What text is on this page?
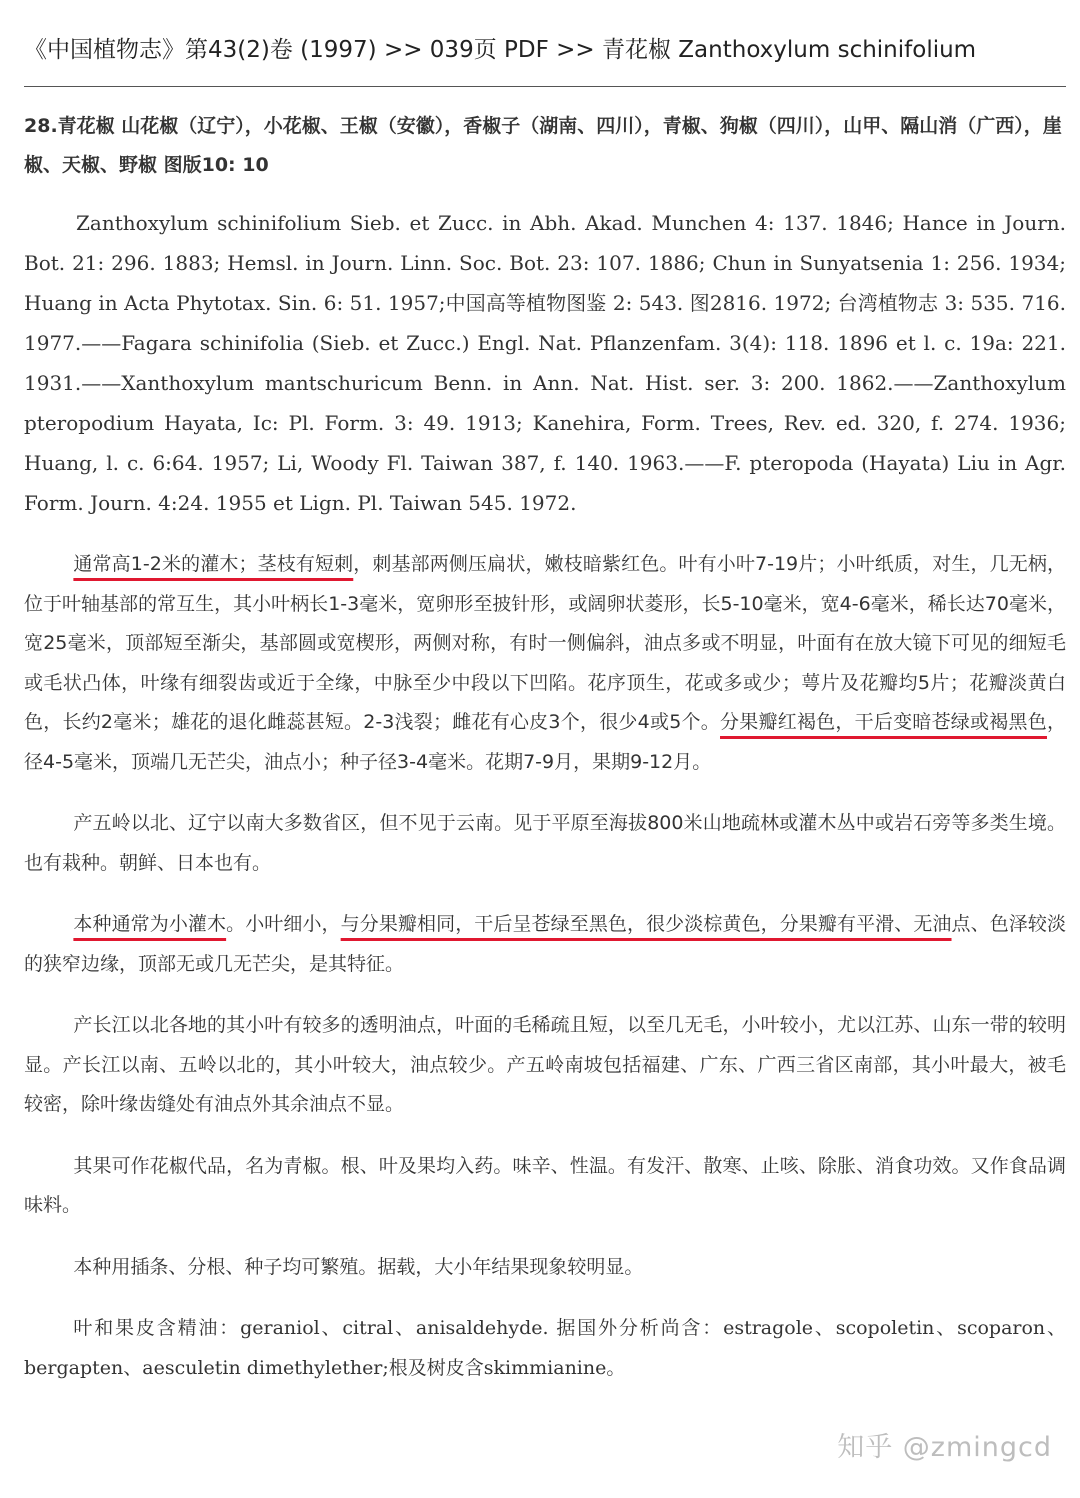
《中国植物志》第43(2)卷 (1997) >> 039页 PDF >> 青花椒 Zanthoxylum schinifolium

28.青花椒 山花椒（辽宁），小花椒、王椒（安徽），香椒子（湖南、四川），青椒、狗椒（四川），山甲、隔山消（广西），崖椒、天椒、野椒 图版10: 10

Zanthoxylum schinifolium Sieb. et Zucc. in Abh. Akad. Munchen 4: 137. 1846; Hance in Journ. Bot. 21: 296. 1883; Hemsl. in Journ. Linn. Soc. Bot. 23: 107. 1886; Chun in Sunyatsenia 1: 256. 1934; Huang in Acta Phytotax. Sin. 6: 51. 1957;中国高等植物图鉴 2: 543. 图2816. 1972; 台湾植物志 3: 535. 716. 1977.——Fagara schinifolia (Sieb. et Zucc.) Engl. Nat. Pflanzenfam. 3(4): 118. 1896 et l. c. 19a: 221. 1931.——Xanthoxylum mantschuricum Benn. in Ann. Nat. Hist. ser. 3: 200. 1862.——Zanthoxylum pteropodium Hayata, Ic: Pl. Form. 3: 49. 1913; Kanehira, Form. Trees, Rev. ed. 320, f. 274. 1936; Huang, l. c. 6:64. 1957; Li, Woody Fl. Taiwan 387, f. 140. 1963.——F. pteropoda (Hayata) Liu in Agr. Form. Journ. 4:24. 1955 et Lign. Pl. Taiwan 545. 1972.

通常高1-2米的灌木；茎枝有短刺，刺基部两侧压扁状，嫩枝暗紫红色。叶有小叶7-19片；小叶纸质，对生，几无柄，位于叶轴基部的常互生，其小叶柄长1-3毫米，宽卵形至披针形，或阔卵状菱形，长5-10毫米，宽4-6毫米，稀长达70毫米，宽25毫米，顶部短至渐尖，基部圆或宽楔形，两侧对称，有时一侧偏斜，油点多或不明显，叶面有在放大镜下可见的细短毛或毛状凸体，叶缘有细裂齿或近于全缘，中脉至少中段以下凹陷。花序顶生，花或多或少；萼片及花瓣均5片；花瓣淡黄白色，长约2毫米；雄花的退化雌蕊甚短。2-3浅裂；雌花有心皮3个，很少4或5个。分果瓣红褐色，干后变暗苍绿或褐黑色，径4-5毫米，顶端几无芒尖，油点小；种子径3-4毫米。花期7-9月，果期9-12月。

产五岭以北、辽宁以南大多数省区，但不见于云南。见于平原至海拔800米山地疏林或灌木丛中或岩石旁等多类生境。也有栽种。朝鲜、日本也有。

本种通常为小灌木。小叶细小，与分果瓣相同，干后呈苍绿至黑色，很少淡棕黄色，分果瓣有平滑、无油点、色泽较淡的狭窄边缘，顶部无或几无芒尖，是其特征。

产长江以北各地的其小叶有较多的透明油点，叶面的毛稀疏且短，以至几无毛，小叶较小，尤以江苏、山东一带的较明显。产长江以南、五岭以北的，其小叶较大，油点较少。产五岭南坡包括福建、广东、广西三省区南部，其小叶最大，被毛较密，除叶缘齿缝处有油点外其余油点不显。

其果可作花椒代品，名为青椒。根、叶及果均入药。味辛、性温。有发汗、散寒、止咳、除胀、消食功效。又作食品调味料。

本种用插条、分根、种子均可繁殖。据载，大小年结果现象较明显。

叶和果皮含精油：geraniol、citral、anisaldehyde. 据国外分析尚含：estragole、scopoletin、scoparon、bergapten、aesculetin dimethylether;根及树皮含skimmianine。

知乎 @zmingcd
